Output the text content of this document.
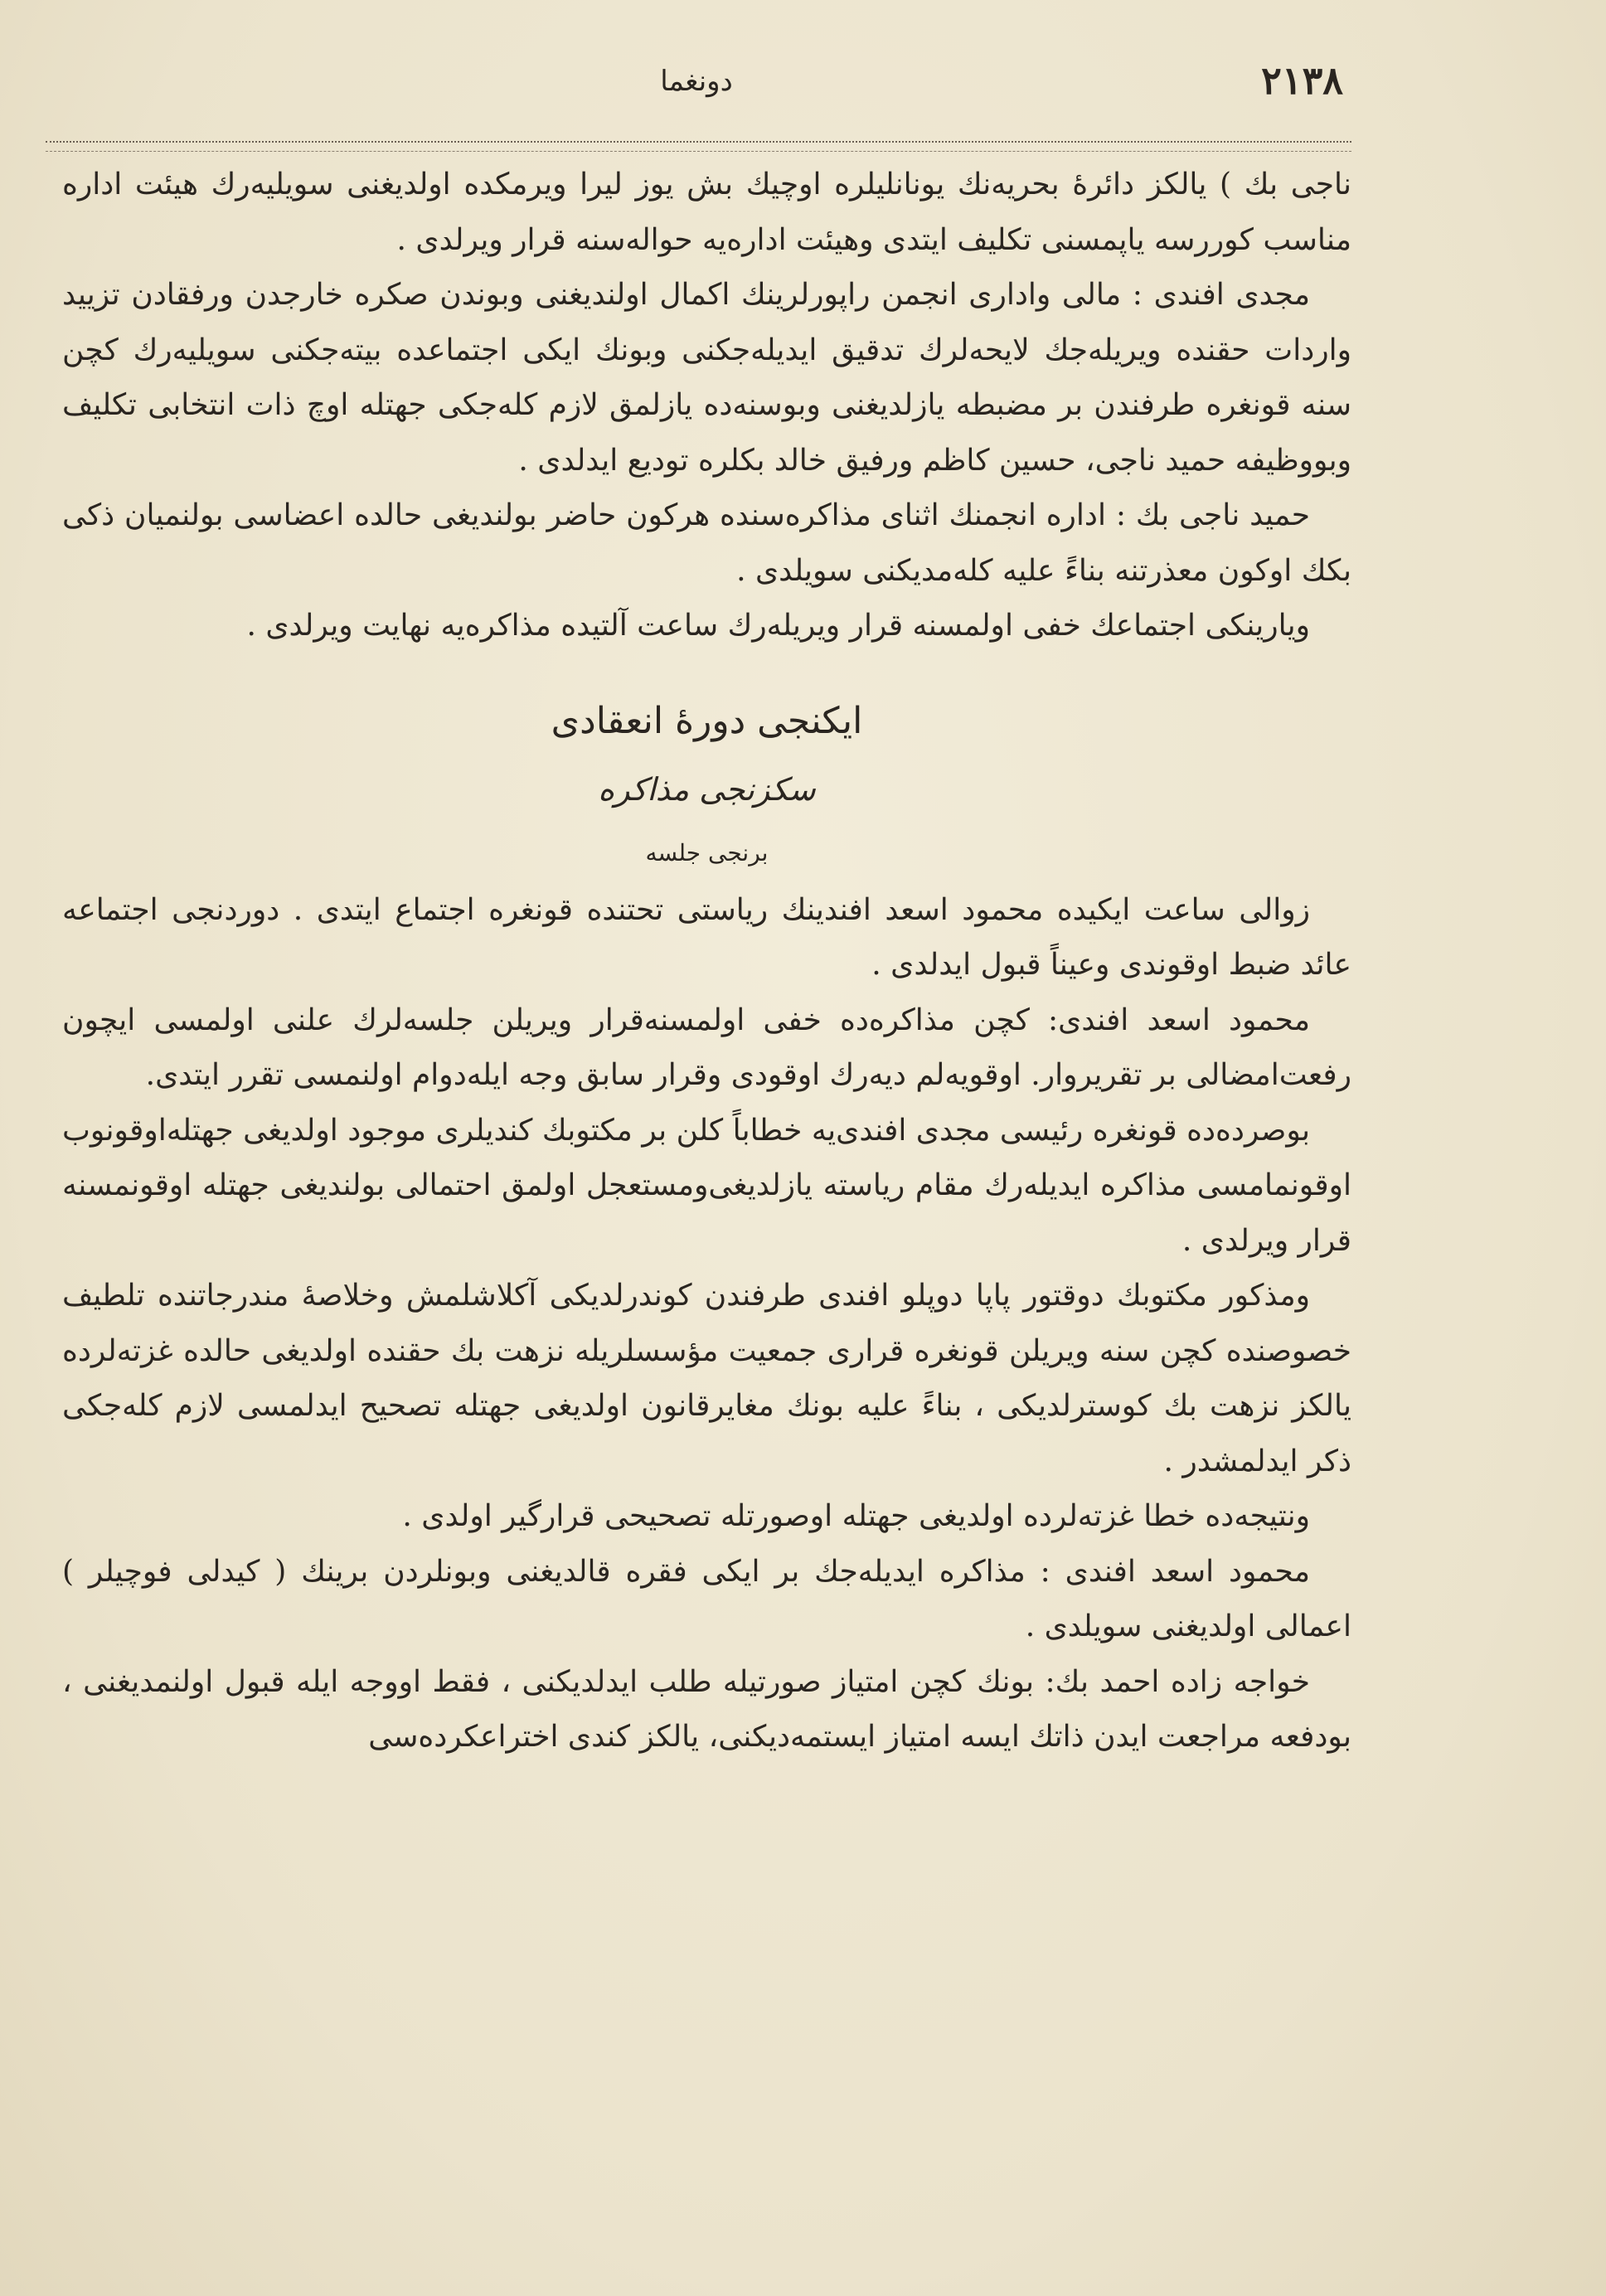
٢١٣٨
دونغما

ناجی بك ) یالكز دائرهٔ بحریه‌نك یونانلیلره اوچیك بش یوز لیرا ویرمكده اولدیغنی سویلیه‌رك هیئت اداره مناسب كوررسه یاپمسنی تكلیف ایتدی وهیئت اداره‌یه حواله‌سنه قرار ویرلدی .

مجدی افندی : مالی واداری انجمن راپورلرینك اكمال اولندیغنی وبوندن صكره خارجدن ورفقادن تزیید واردات حقنده ویریله‌جك لایحه‌لرك تدقیق ایدیله‌جكنی وبونك ایكی اجتماعده بیته‌جكنی سویلیه‌رك كچن سنه قونغره طرفندن بر مضبطه یازلدیغنی وبوسنه‌ده یازلمق لازم كله‌جكی جهتله اوچ ذات انتخابی تكلیف وبووظیفه حمید ناجی، حسین كاظم ورفیق خالد بكلره تودیع ایدلدی .

حمید ناجی بك : اداره انجمنك اثنای مذاكره‌سنده هركون حاضر بولندیغی حالده اعضاسی بولنمیان ذكی بكك اوكون معذرتنه بناءً علیه كله‌مدیكنی سویلدی .

ویارینكی اجتماعك خفی اولمسنه قرار ویریله‌رك ساعت آلتیده مذاكره‌یه نهایت ویرلدی .

ایكنجی دورهٔ انعقادی

سكزنجی مذاكره

برنجی جلسه

زوالی ساعت ایكیده محمود اسعد افندینك ریاستی تحتنده قونغره اجتماع ایتدی . دوردنجی اجتماعه عائد ضبط اوقوندی وعیناً قبول ایدلدی .

محمود اسعد افندی: كچن مذاكره‌ده خفی اولمسنه‌قرار ویریلن جلسه‌لرك علنی اولمسی ایچون رفعت‌امضالی بر تقریروار. اوقویه‌لم دیه‌رك اوقودی وقرار سابق وجه ایله‌دوام اولنمسی تقرر ایتدی.

بوصرده‌ده قونغره رئیسی مجدی افندی‌یه خطاباً كلن بر مكتوبك كندیلری موجود اولدیغی جهتله‌اوقونوب اوقونمامسی مذاكره ایدیله‌رك مقام ریاسته یازلدیغی‌ومستعجل اولمق احتمالی بولندیغی جهتله اوقونمسنه قرار ویرلدی .

ومذكور مكتوبك دوقتور پاپا دوپلو افندی طرفندن كوندرلدیكی آكلاشلمش وخلاصهٔ مندرجاتنده تلطیف خصوصنده كچن سنه ویریلن قونغره قراری جمعیت مؤسسلریله نزهت بك حقنده اولدیغی حالده غزته‌لرده یالكز نزهت بك كوسترلدیكی ، بناءً علیه بونك مغایرقانون اولدیغی جهتله تصحیح ایدلمسی لازم كله‌جكی ذكر ایدلمشدر .

ونتیجه‌ده خطا غزته‌لرده اولدیغی جهتله اوصورتله تصحیحی قرارگیر اولدی .

محمود اسعد افندی : مذاكره ایدیله‌جك بر ایكی فقره قالدیغنی وبونلردن برینك ( كیدلی فوچیلر ) اعمالی اولدیغنی سویلدی .

خواجه زاده احمد بك: بونك كچن امتیاز صورتیله طلب ایدلدیكنی ، فقط اووجه ایله قبول اولنمدیغنی ، بودفعه مراجعت ایدن ذاتك ایسه امتیاز ایستمه‌دیكنی، یالكز كندی اختراعكرده‌سی
